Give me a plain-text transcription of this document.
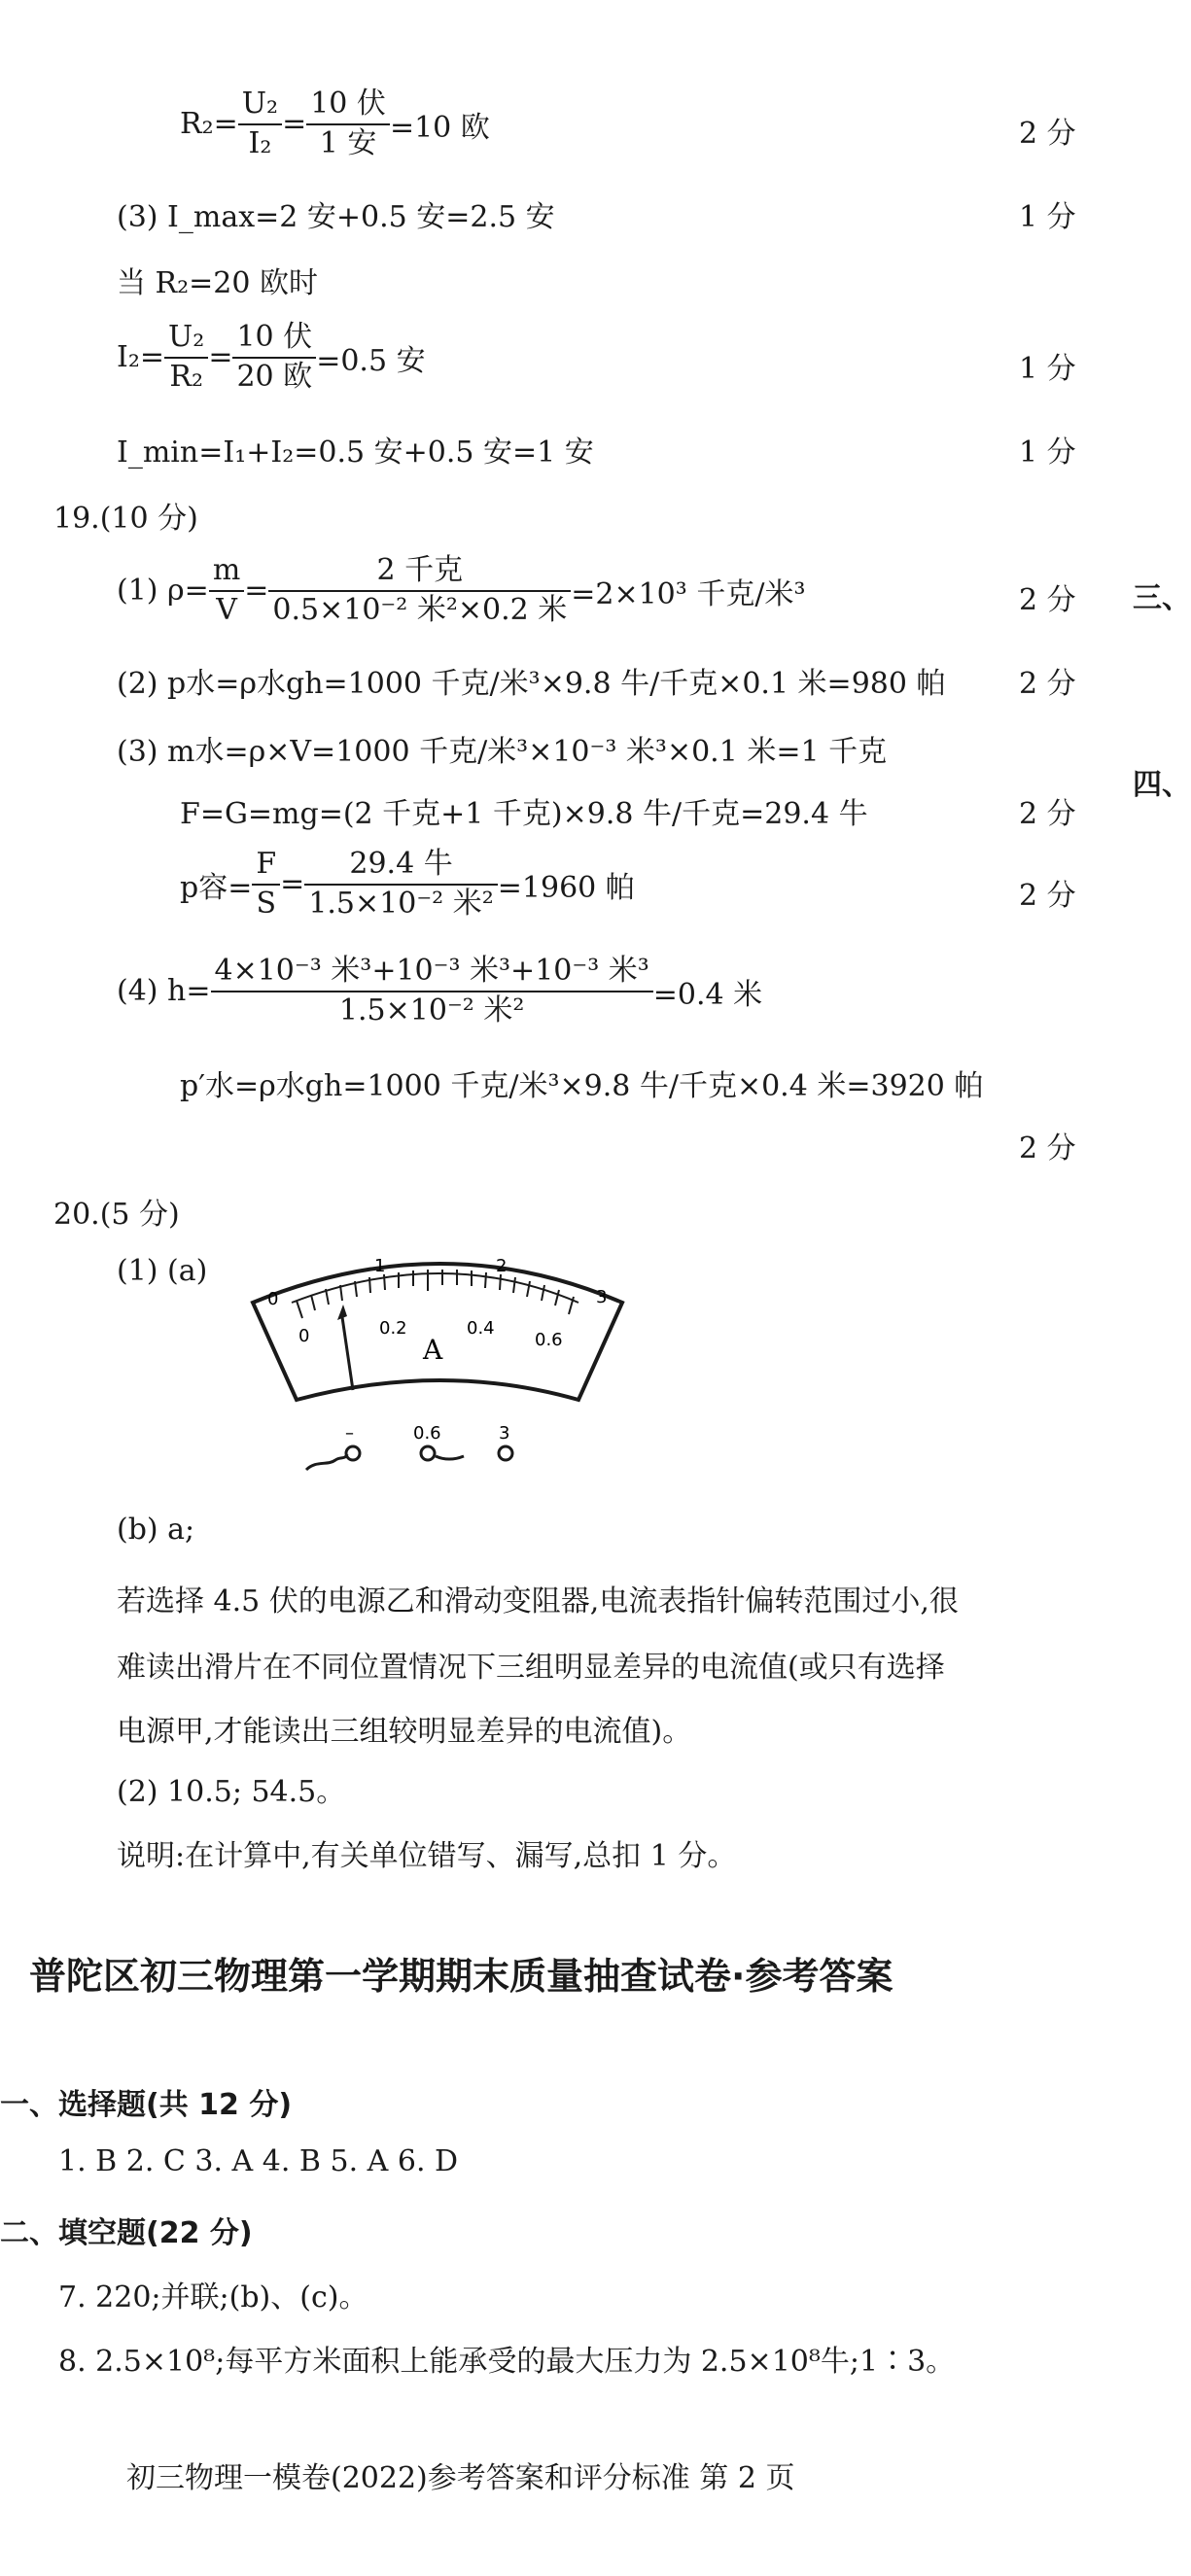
$R_2= \frac{\text{U₂}}{\text{I₂}} = \frac{\text{10 伏}}{\text{1 安}} =10$ 欧	2 分
(3) I_max=2 安+0.5 安=2.5 安	1 分
当 R₂=20 欧时
$I_2= \frac{\text{U₂}}{\text{R₂}} = \frac{\text{10 伏}}{\text{20 欧}} =0.5$ 安	1 分
I_min=I₁+I₂=0.5 安+0.5 安=1 安	1 分
19.(10 分)
(1) $\rho= \frac{m}{V} = \frac{\text{2 千克}}{\text{0.5×10⁻² 米²×0.2 米}} =2\times 10^3$ 千克/米³	2 分
(2) p水=ρ水gh=1000 千克/米³×9.8 牛/千克×0.1 米=980 帕	2 分
(3) m水=ρ×V=1000 千克/米³×10⁻³ 米³×0.1 米=1 千克
F=G=mg=(2 千克+1 千克)×9.8 牛/千克=29.4 牛	2 分
p容= $\frac{F}{S} = \frac{\text{29.4 牛}}{\text{1.5×10⁻² 米²}} =1960$ 帕	2 分
(4) $h= \frac{\text{4×10⁻³ 米³+10⁻³ 米³+10⁻³ 米³}}{\text{1.5×10⁻² 米²}} =0.4$ 米
p′水=ρ水gh=1000 千克/米³×9.8 牛/千克×0.4 米=3920 帕
2 分
20.(5 分)
(1) (a)
0
1	2
3
0	0.2	0.4
0.6
A
–	0.6	3
(b) a;
若选择 4.5 伏的电源乙和滑动变阻器,电流表指针偏转范围过小,很
难读出滑片在不同位置情况下三组明显差异的电流值(或只有选择
电源甲,才能读出三组较明显差异的电流值)。
(2) 10.5; 54.5。
说明:在计算中,有关单位错写、漏写,总扣 1 分。
普陀区初三物理第一学期期末质量抽查试卷·参考答案
一、选择题(共 12 分)
1. B 2. C 3. A 4. B 5. A 6. D
二、填空题(22 分)
7. 220;并联;(b)、(c)。
8. 2.5×10⁸;每平方米面积上能承受的最大压力为 2.5×10⁸牛;1∶3。
三、
四、
初三物理一模卷(2022)参考答案和评分标准 第 2 页
